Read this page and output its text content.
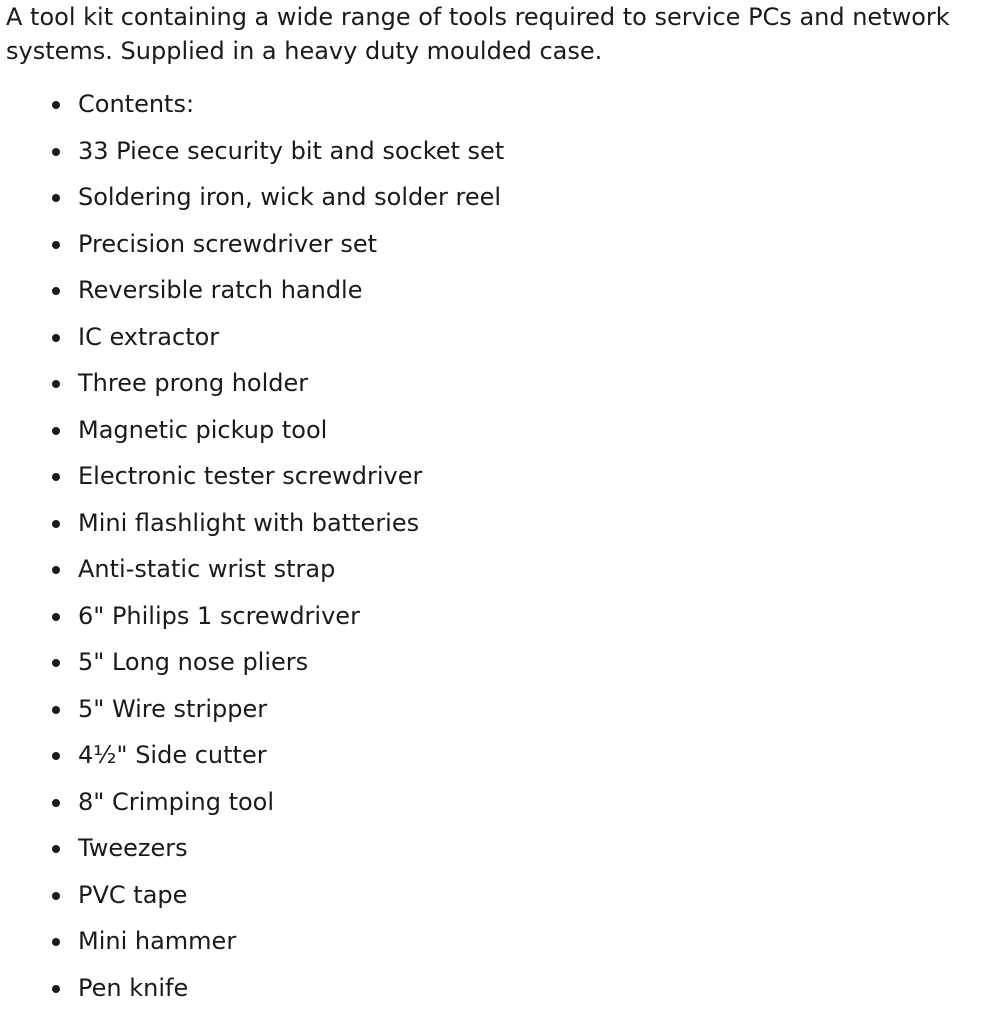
A tool kit containing a wide range of tools required to service PCs and network systems. Supplied in a heavy duty moulded case.

Contents:
33 Piece security bit and socket set
Soldering iron, wick and solder reel
Precision screwdriver set
Reversible ratch handle
IC extractor
Three prong holder
Magnetic pickup tool
Electronic tester screwdriver
Mini flashlight with batteries
Anti-static wrist strap
6" Philips 1 screwdriver
5" Long nose pliers
5" Wire stripper
4½" Side cutter
8" Crimping tool
Tweezers
PVC tape
Mini hammer
Pen knife
